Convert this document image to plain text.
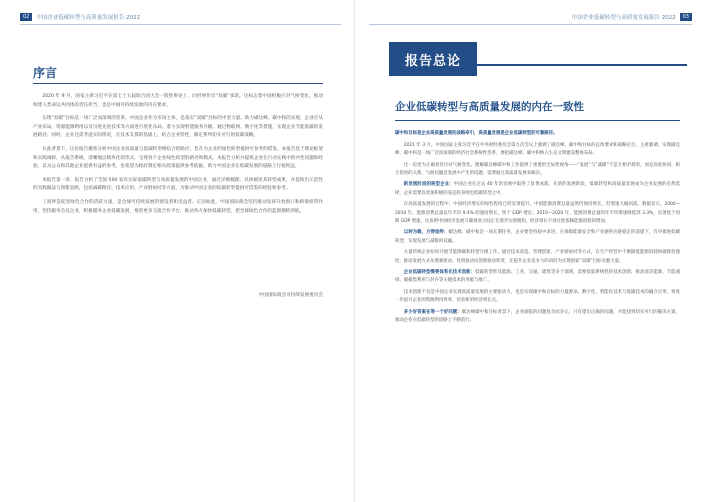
02	中国企业低碳转型与高质量发展报告 2022
序言

2020 年 9 月，国家主席习近平在第七十五届联合国大会一般性辩论上，向世界作出“双碳”承诺。这标志着中国积极应对气候变化、推动构建人类命运共同体的责任担当，也是中国可持续发展的内在要求。

实现“双碳”目标是一场广泛而深刻的变革，中国企业作为市场主体，是落实“双碳”目标的中坚力量。助力碳达峰、碳中和的实现，企业应从产业布局、资源能源利用以及引进先进技术等方面进行优化布局。着力实现智能服务升级、通过物联网、数字化等措施，实现企业节能低碳的发展路径。同时，企业还需考虑实际情况，在技术支撑的基础上，结合企业特性，制定系列切实可行的低碳战略。

在此背景下，这份报告聚焦分析中国企业高质量与低碳转型相结合的路径，旨在为企业的绿色转型提供可参考的借鉴。本报告基于理论框架和实践调研，从报告系统、清晰地以模块化的形式，呈现各个企业绿色转型的路径和模式。本报告分析并提炼企业在行动实践中的共性问题和经验，以为公众和其他企业提供有益的参考，也希望为政府制定相关政策提供参考依据，助力中国企业在低碳发展的道路上行稳致远。

本报告第一章，报告分析了全国 500 家有实际低碳转型与高质量发展的中国企业，通过详细梳理，具体阐述其转型成果，并提炼出示范性的实践做法与创新思路，包括减碳路径、技术应用、产业链协同等方面，为推动中国企业的低碳转型提供可借鉴的经验和参考。

工商界是促进绿色合作的活跃力量，是全球可持续发展的建设者和受益者。正因如此，中国国际商会坚持推动发挥开放窗口和桥梁纽带作用，坚持服务会员企业，积极服务企业低碳发展，推进更多交流合作平台，推动各方加快低碳转型，把全球绿色合作的蓝图描绘到底。

中国国际商会可持续发展委员会
中国企业低碳转型与高质量发展报告 2022	03
报告总论
企业低碳转型与高质量发展的内在一致性

碳中和目标是企业高质量发展的战略牵引，高质量发展是企业低碳转型的可靠路径。

2021 年 3 月，中国国家主席习近平在中央财经委员会第九次会议上强调了碳达峰、碳中和目标的总体要求和战略定位。主席强调，实现碳达峰、碳中和是一场广泛而深刻的经济社会系统性变革，要把碳达峰、碳中和纳入生态文明建设整体布局。

这一论述为正确看待应对气候变化、理解碳达峰碳中和工作提供了重要的全局性视角——“发展”与“减碳”不是互相矛盾的，而是高度协同、相互促进的关系。气候问题是发展中产生的问题，需要通过高质量发展来解决。

新发展阶段的转型企业：中国企业在过去 40 年的发展中取得了显著成就，在新的发展阶段，低碳转型和高质量发展成为企业发展的必然选择，企业需要以更加积极的姿态投身绿色低碳转型之中。

在高质量发展的过程中，中国经济增长的绿色程度已经显著提升。中国能源消费总量虽然仍保持增长，但增速大幅回落。数据显示，2000—2010 年，能源消费总量以年平均 9.4% 的速度增长，快于 GDP 增长；2010—2020 年，能源消费总量的年平均增速降低到 3.3%，显著低于同期 GDP 增速。这表明中国经济发展与碳排放之间正在逐步实现脱钩，经济增长不再过度依赖能源消耗的增加。

以转为稳，方得始终：碳达峰、碳中和是一项长期任务，企业要坚持稳中求进，在保障能源安全和产业链供应链稳定的前提下，有序推进低碳转型，实现发展与减排的双赢。

大量传统企业纷纷开展节能降碳和转型升级工作，通过技术改造、管理创新、产业链协同等方式，在生产经营中不断降低能源消耗和碳排放强度，推动发展方式从要素驱动、投资驱动向创新驱动转变，在提升企业竞争力的同时为实现国家“双碳”目标贡献力量。

企业低碳转型需要体系化技术创新：低碳转型涉及能源、工业、交通、建筑等多个领域，需要依靠系统性的技术创新，推动清洁能源、节能减排、碳捕集利用与封存等关键技术的突破与推广。

技术创新不仅是中国企业实现高质量发展的主要驱动力，也是实现碳中和目标的力量源泉。数字化、智能化技术与低碳技术的融合应用，将进一步提升企业的资源利用效率，培育新的经济增长点。

多少好答案在等一个好问题：碳达峰碳中和目标背景下，企业面临的问题复杂而多元，只有提出正确的问题，才能找到切实可行的解决方案，推动企业在低碳转型的道路上不断前行。
